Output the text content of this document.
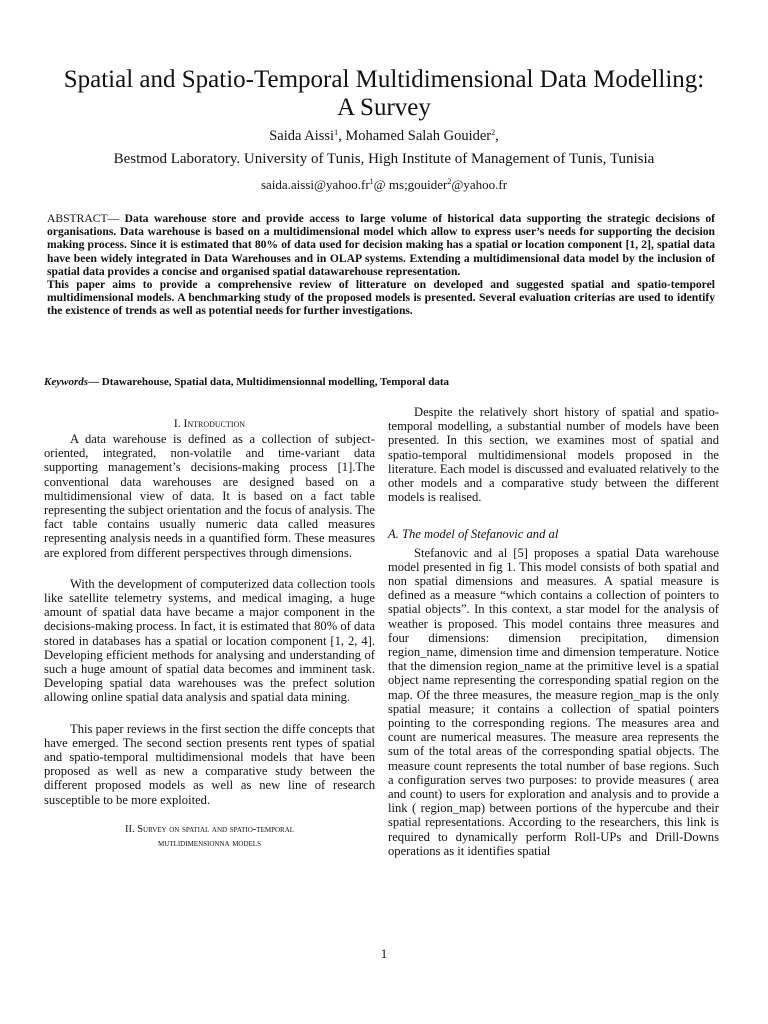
Spatial and Spatio-Temporal Multidimensional Data Modelling:
A Survey
Saida Aissi$^1$, Mohamed Salah Gouider$^2$,
Bestmod Laboratory. University of Tunis, High Institute of Management of Tunis, Tunisia
$saida.aissi@yahoo.fr^1@$ ms;gouider$^2$@yahoo.fr

ABSTRACT— Data warehouse store and provide access to large volume of historical data supporting the strategic decisions of organisations. Data warehouse is based on a multidimensional model which allow to express user’s needs for supporting the decision making process. Since it is estimated that 80% of data used for decision making has a spatial or location component [1, 2], spatial data have been widely integrated in Data Warehouses and in OLAP systems. Extending a multidimensional data model by the inclusion of spatial data provides a concise and organised spatial datawarehouse representation.

This paper aims to provide a comprehensive review of litterature on developed and suggested spatial and spatio-temporel multidimensional models. A benchmarking study of the proposed models is presented. Several evaluation criterias are used to identify the existence of trends as well as potential needs for further investigations.

Keywords— Dtawarehouse, Spatial data, Multidimensionnal modelling, Temporal data
I. Introduction

A data warehouse is defined as a collection of subject-oriented, integrated, non-volatile and time-variant data supporting management’s decisions-making process [1].The conventional data warehouses are designed based on a multidimensional view of data. It is based on a fact table representing the subject orientation and the focus of analysis. The fact table contains usually numeric data called measures representing analysis needs in a quantified form. These measures are explored from different perspectives through dimensions.

With the development of computerized data collection tools like satellite telemetry systems, and medical imaging, a huge amount of spatial data have became a major component in the decisions-making process. In fact, it is estimated that 80% of data stored in databases has a spatial or location component [1, 2, 4]. Developing efficient methods for analysing and understanding of such a huge amount of spatial data becomes and imminent task. Developing spatial data warehouses was the prefect solution allowing online spatial data analysis and spatial data mining.

This paper reviews in the first section the diffe concepts that have emerged. The second section presents rent types of spatial and spatio-temporal multidimensional models that have been proposed as well as new a comparative study between the different proposed models as well as new line of research susceptible to be more exploited.

II. Survey on spatial and spatio-temporal
mutlidimensionna models

Despite the relatively short history of spatial and spatio-temporal modelling, a substantial number of models have been presented. In this section, we examines most of spatial and spatio-temporal multidimensional models proposed in the literature. Each model is discussed and evaluated relatively to the other models and a comparative study between the different models is realised.

A. The model of Stefanovic and al

Stefanovic and al [5] proposes a spatial Data warehouse model presented in fig 1. This model consists of both spatial and non spatial dimensions and measures. A spatial measure is defined as a measure “which contains a collection of pointers to spatial objects”. In this context, a star model for the analysis of weather is proposed. This model contains three measures and four dimensions: dimension precipitation, dimension region_name, dimension time and dimension temperature. Notice that the dimension region_name at the primitive level is a spatial object name representing the corresponding spatial region on the map. Of the three measures, the measure region_map is the only spatial measure; it contains a collection of spatial pointers pointing to the corresponding regions. The measures area and count are numerical measures. The measure area represents the sum of the total areas of the corresponding spatial objects. The measure count represents the total number of base regions. Such a configuration serves two purposes: to provide measures ( area and count) to users for exploration and analysis and to provide a link ( region_map) between portions of the hypercube and their spatial representations. According to the researchers, this link is required to dynamically perform Roll-UPs and Drill-Downs operations as it identifies spatial

1
